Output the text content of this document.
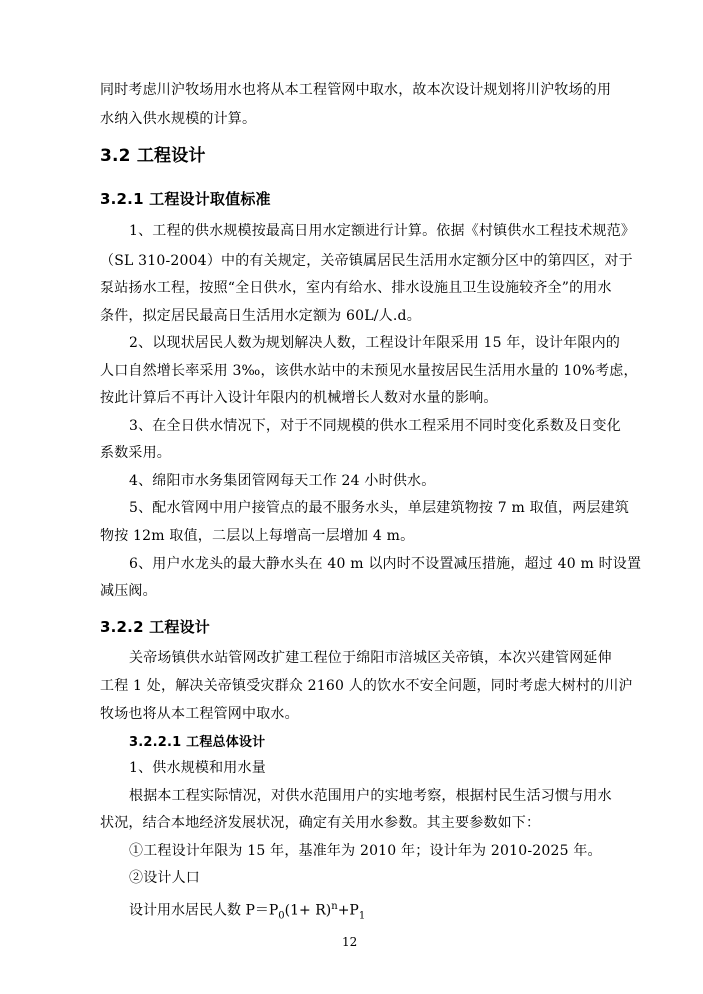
同时考虑川沪牧场用水也将从本工程管网中取水，故本次设计规划将川沪牧场的用
水纳入供水规模的计算。
3.2 工程设计
3.2.1 工程设计取值标准
1、工程的供水规模按最高日用水定额进行计算。依据《村镇供水工程技术规范》
（SL 310-2004）中的有关规定，关帝镇属居民生活用水定额分区中的第四区，对于
泵站扬水工程，按照“全日供水，室内有给水、排水设施且卫生设施较齐全”的用水
条件，拟定居民最高日生活用水定额为 60L/人.d。
2、以现状居民人数为规划解决人数，工程设计年限采用 15 年，设计年限内的
人口自然增长率采用 3‰，该供水站中的未预见水量按居民生活用水量的 10%考虑，
按此计算后不再计入设计年限内的机械增长人数对水量的影响。
3、在全日供水情况下，对于不同规模的供水工程采用不同时变化系数及日变化
系数采用。
4、绵阳市水务集团管网每天工作 24 小时供水。
5、配水管网中用户接管点的最不服务水头，单层建筑物按 7 m 取值，两层建筑
物按 12m 取值，二层以上每增高一层增加 4 m。
6、用户水龙头的最大静水头在 40 m 以内时不设置减压措施，超过 40 m 时设置
减压阀。
3.2.2 工程设计
关帝场镇供水站管网改扩建工程位于绵阳市涪城区关帝镇，本次兴建管网延伸
工程 1 处，解决关帝镇受灾群众 2160 人的饮水不安全问题，同时考虑大树村的川沪
牧场也将从本工程管网中取水。
3.2.2.1 工程总体设计
1、供水规模和用水量
根据本工程实际情况，对供水范围用户的实地考察，根据村民生活习惯与用水
状况，结合本地经济发展状况，确定有关用水参数。其主要参数如下：
①工程设计年限为 15 年，基准年为 2010 年；设计年为 2010-2025 年。
②设计人口
设计用水居民人数 $P=P_0(1+ R)^n+P_1$
12
